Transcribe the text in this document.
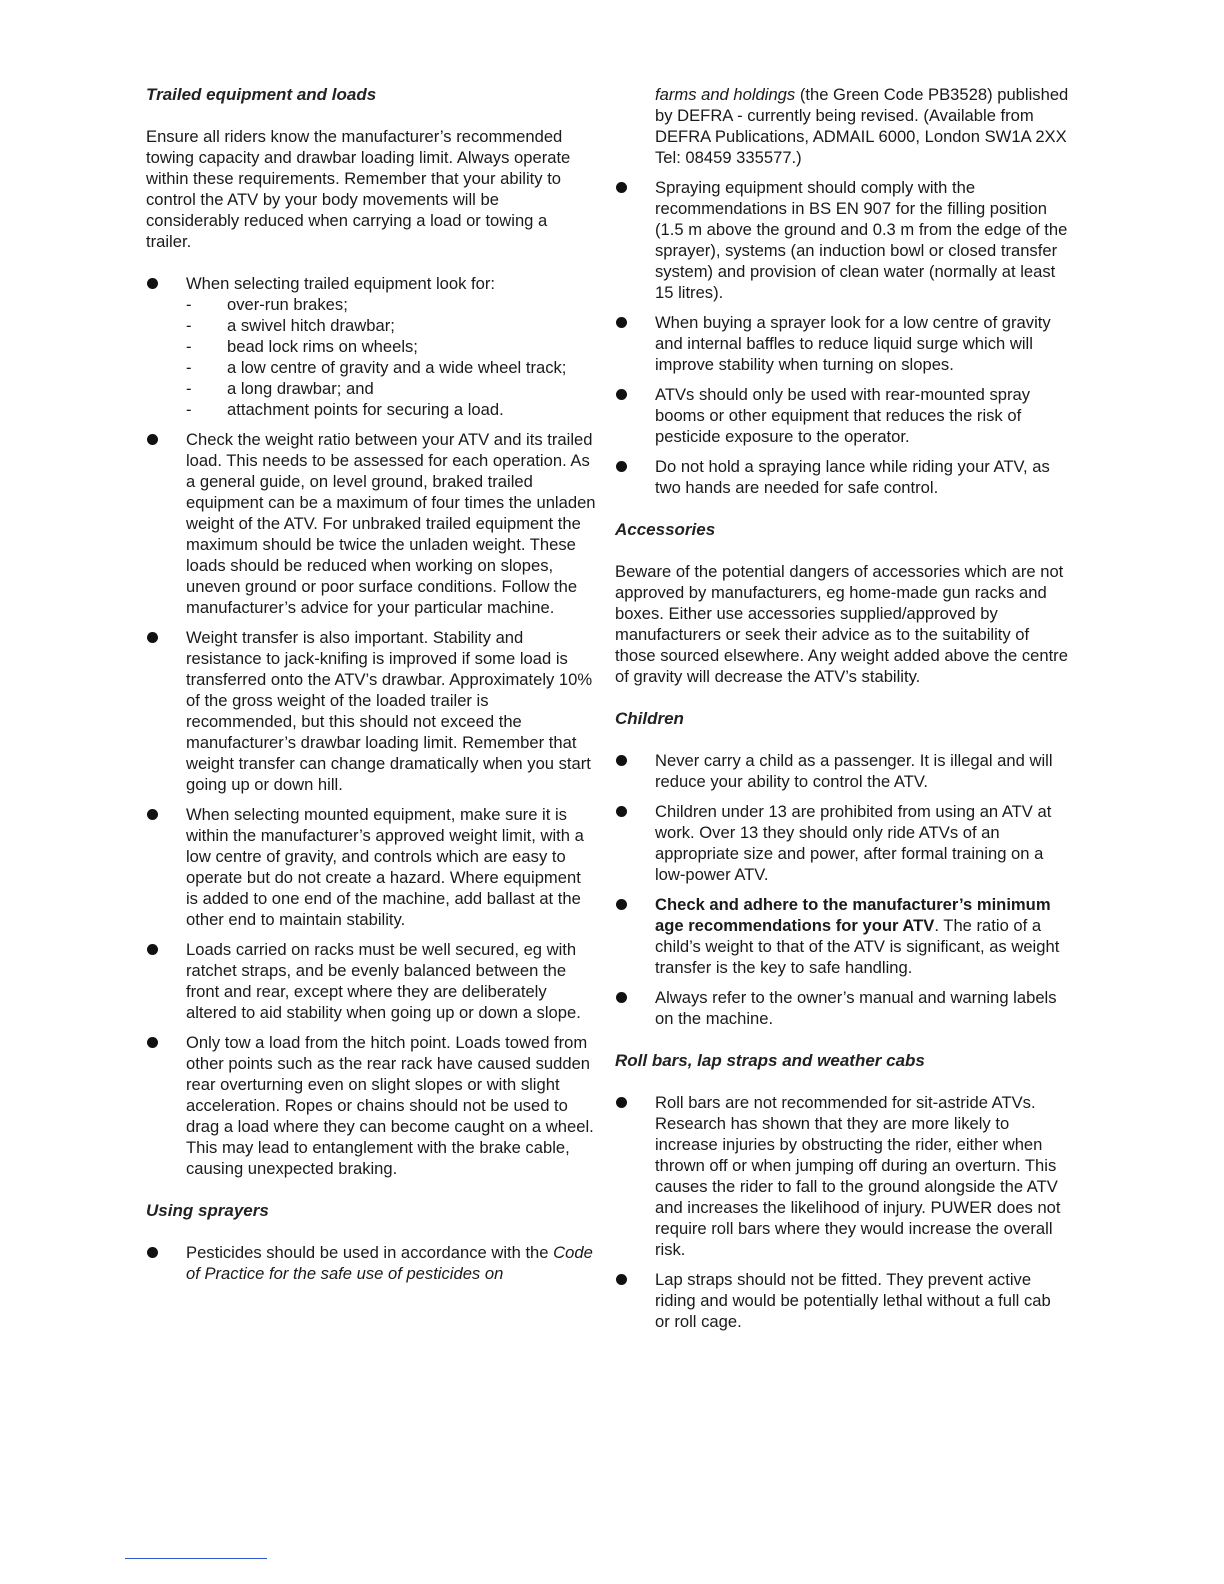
Trailed equipment and loads

Ensure all riders know the manufacturer’s recommended towing capacity and drawbar loading limit. Always operate within these requirements. Remember that your ability to control the ATV by your body movements will be considerably reduced when carrying a load or towing a trailer.

When selecting trailed equipment look for:
- over-run brakes;
- a swivel hitch drawbar;
- bead lock rims on wheels;
- a low centre of gravity and a wide wheel track;
- a long drawbar; and
- attachment points for securing a load.
Check the weight ratio between your ATV and its trailed load. This needs to be assessed for each operation. As a general guide, on level ground, braked trailed equipment can be a maximum of four times the unladen weight of the ATV. For unbraked trailed equipment the maximum should be twice the unladen weight. These loads should be reduced when working on slopes, uneven ground or poor surface conditions. Follow the manufacturer’s advice for your particular machine.
Weight transfer is also important. Stability and resistance to jack-knifing is improved if some load is transferred onto the ATV’s drawbar. Approximately 10% of the gross weight of the loaded trailer is recommended, but this should not exceed the manufacturer’s drawbar loading limit. Remember that weight transfer can change dramatically when you start going up or down hill.
When selecting mounted equipment, make sure it is within the manufacturer’s approved weight limit, with a low centre of gravity, and controls which are easy to operate but do not create a hazard. Where equipment is added to one end of the machine, add ballast at the other end to maintain stability.
Loads carried on racks must be well secured, eg with ratchet straps, and be evenly balanced between the front and rear, except where they are deliberately altered to aid stability when going up or down a slope.
Only tow a load from the hitch point. Loads towed from other points such as the rear rack have caused sudden rear overturning even on slight slopes or with slight acceleration. Ropes or chains should not be used to drag a load where they can become caught on a wheel. This may lead to entanglement with the brake cable, causing unexpected braking.
Using sprayers
Pesticides should be used in accordance with the Code of Practice for the safe use of pesticides on
farms and holdings (the Green Code PB3528) published by DEFRA - currently being revised. (Available from DEFRA Publications, ADMAIL 6000, London SW1A 2XX Tel: 08459 335577.)
Spraying equipment should comply with the recommendations in BS EN 907 for the filling position (1.5 m above the ground and 0.3 m from the edge of the sprayer), systems (an induction bowl or closed transfer system) and provision of clean water (normally at least 15 litres).
When buying a sprayer look for a low centre of gravity and internal baffles to reduce liquid surge which will improve stability when turning on slopes.
ATVs should only be used with rear-mounted spray booms or other equipment that reduces the risk of pesticide exposure to the operator.
Do not hold a spraying lance while riding your ATV, as two hands are needed for safe control.
Accessories

Beware of the potential dangers of accessories which are not approved by manufacturers, eg home-made gun racks and boxes. Either use accessories supplied/approved by manufacturers or seek their advice as to the suitability of those sourced elsewhere. Any weight added above the centre of gravity will decrease the ATV’s stability.

Children
Never carry a child as a passenger. It is illegal and will reduce your ability to control the ATV.
Children under 13 are prohibited from using an ATV at work. Over 13 they should only ride ATVs of an appropriate size and power, after formal training on a low-power ATV.
Check and adhere to the manufacturer’s minimum age recommendations for your ATV. The ratio of a child’s weight to that of the ATV is significant, as weight transfer is the key to safe handling.
Always refer to the owner’s manual and warning labels on the machine.
Roll bars, lap straps and weather cabs
Roll bars are not recommended for sit-astride ATVs. Research has shown that they are more likely to increase injuries by obstructing the rider, either when thrown off or when jumping off during an overturn. This causes the rider to fall to the ground alongside the ATV and increases the likelihood of injury. PUWER does not require roll bars where they would increase the overall risk.
Lap straps should not be fitted. They prevent active riding and would be potentially lethal without a full cab or roll cage.
